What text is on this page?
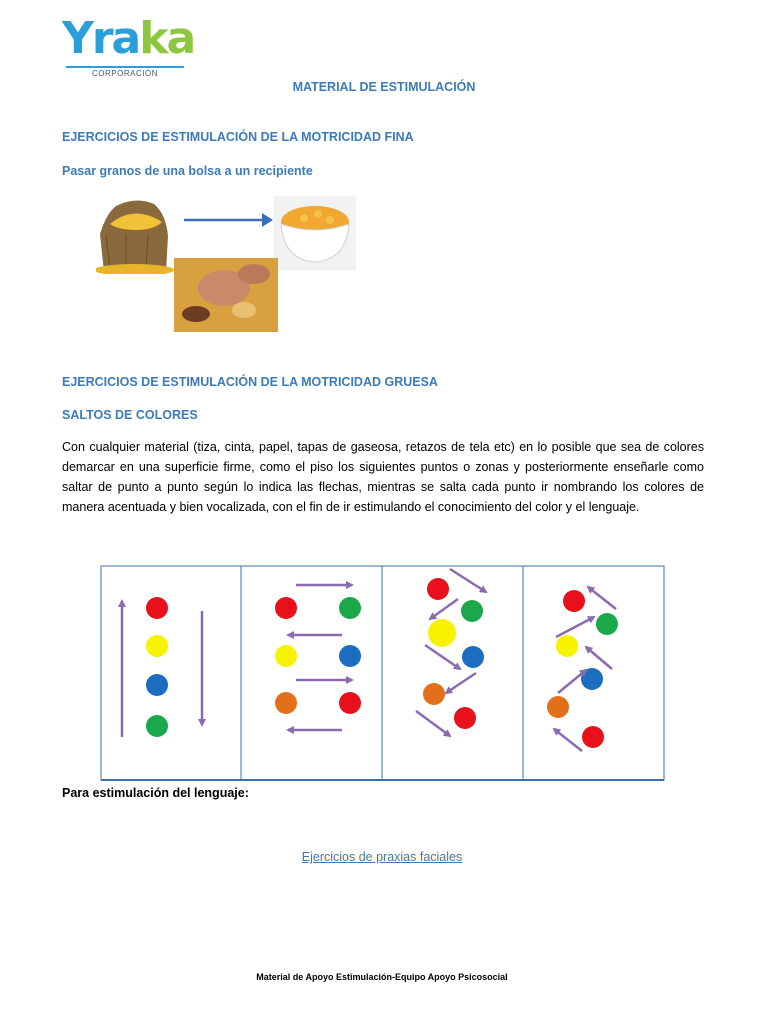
Yraka
CORPORACIÓN
MATERIAL DE ESTIMULACIÓN
EJERCICIOS DE ESTIMULACIÓN DE LA MOTRICIDAD FINA
Pasar granos de una bolsa a un recipiente
EJERCICIOS DE ESTIMULACIÓN DE LA MOTRICIDAD GRUESA
SALTOS DE COLORES
Con cualquier material (tiza, cinta, papel, tapas de gaseosa, retazos de tela etc) en lo posible que sea de colores demarcar en una superficie firme, como el piso los siguientes puntos o zonas y posteriormente enseñarle como saltar de punto a punto según lo indica las flechas, mientras se salta cada punto ir nombrando los colores de manera acentuada y bien vocalizada, con el fin de ir estimulando el conocimiento del color y el lenguaje.
Para estimulación del lenguaje:
Ejercicios de praxias faciales
Material de Apoyo Estimulación-Equipo Apoyo Psicosocial
